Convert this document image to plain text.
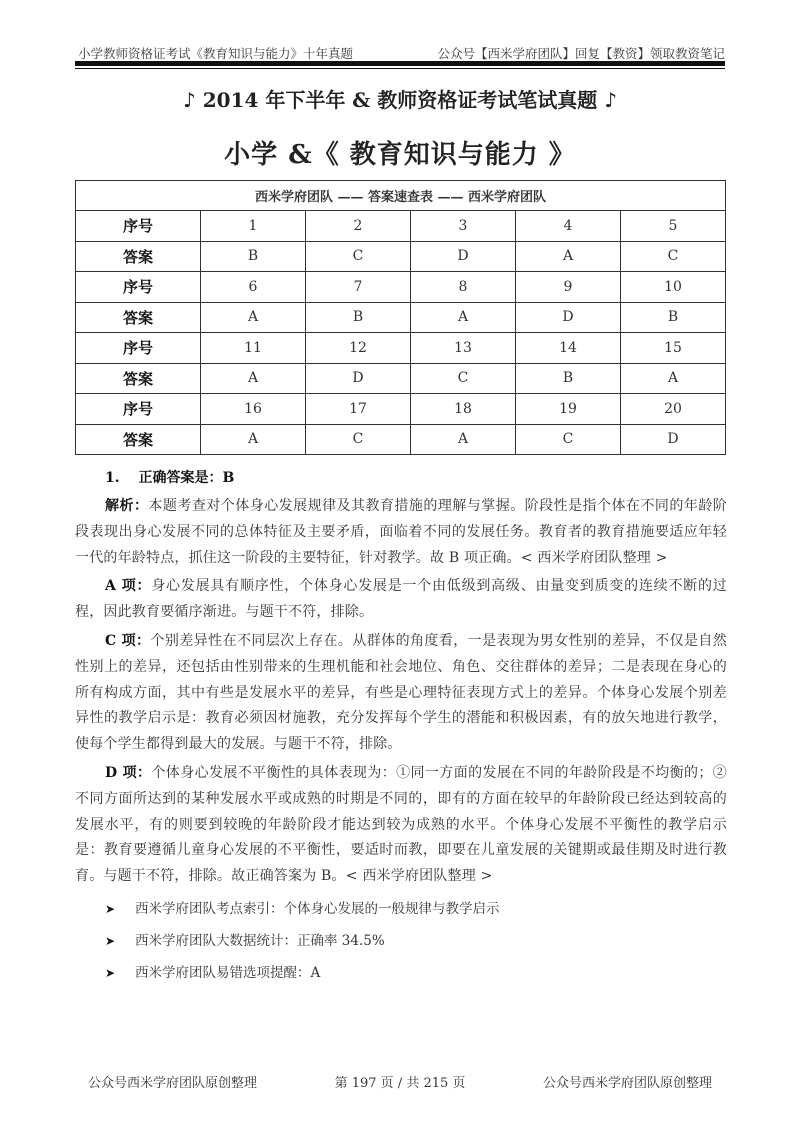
小学教师资格证考试《教育知识与能力》十年真题	公众号【西米学府团队】回复【教资】领取教资笔记
♪ 2014 年下半年 & 教师资格证考试笔试真题 ♪
小学 &《 教育知识与能力 》
西米学府团队 —— 答案速查表 —— 西米学府团队					
序号	1	2	3	4	5
答案	B	C	D	A	C
序号	6	7	8	9	10
答案	A	B	A	D	B
序号	11	12	13	14	15
答案	A	D	C	B	A
序号	16	17	18	19	20
答案	A	C	A	C	D
1.　 正确答案是：B
解析：本题考查对个体身心发展规律及其教育措施的理解与掌握。阶段性是指个体在不同的年龄阶段表现出身心发展不同的总体特征及主要矛盾，面临着不同的发展任务。教育者的教育措施要适应年轻一代的年龄特点，抓住这一阶段的主要特征，针对教学。故 B 项正确。< 西米学府团队整理 >
A 项：身心发展具有顺序性，个体身心发展是一个由低级到高级、由量变到质变的连续不断的过程，因此教育要循序渐进。与题干不符，排除。
C 项：个别差异性在不同层次上存在。从群体的角度看，一是表现为男女性别的差异，不仅是自然性别上的差异，还包括由性别带来的生理机能和社会地位、角色、交往群体的差异；二是表现在身心的所有构成方面，其中有些是发展水平的差异，有些是心理特征表现方式上的差异。个体身心发展个别差异性的教学启示是：教育必须因材施教，充分发挥每个学生的潜能和积极因素，有的放矢地进行教学，使每个学生都得到最大的发展。与题干不符，排除。
D 项：个体身心发展不平衡性的具体表现为：①同一方面的发展在不同的年龄阶段是不均衡的；②不同方面所达到的某种发展水平或成熟的时期是不同的，即有的方面在较早的年龄阶段已经达到较高的发展水平，有的则要到较晚的年龄阶段才能达到较为成熟的水平。个体身心发展不平衡性的教学启示是：教育要遵循儿童身心发展的不平衡性，要适时而教，即要在儿童发展的关键期或最佳期及时进行教育。与题干不符，排除。故正确答案为 B。< 西米学府团队整理 >
➤ 西米学府团队考点索引：个体身心发展的一般规律与教学启示
➤ 西米学府团队大数据统计：正确率 34.5%
➤ 西米学府团队易错选项提醒：A
公众号西米学府团队原创整理	第 197 页 / 共 215 页	公众号西米学府团队原创整理
